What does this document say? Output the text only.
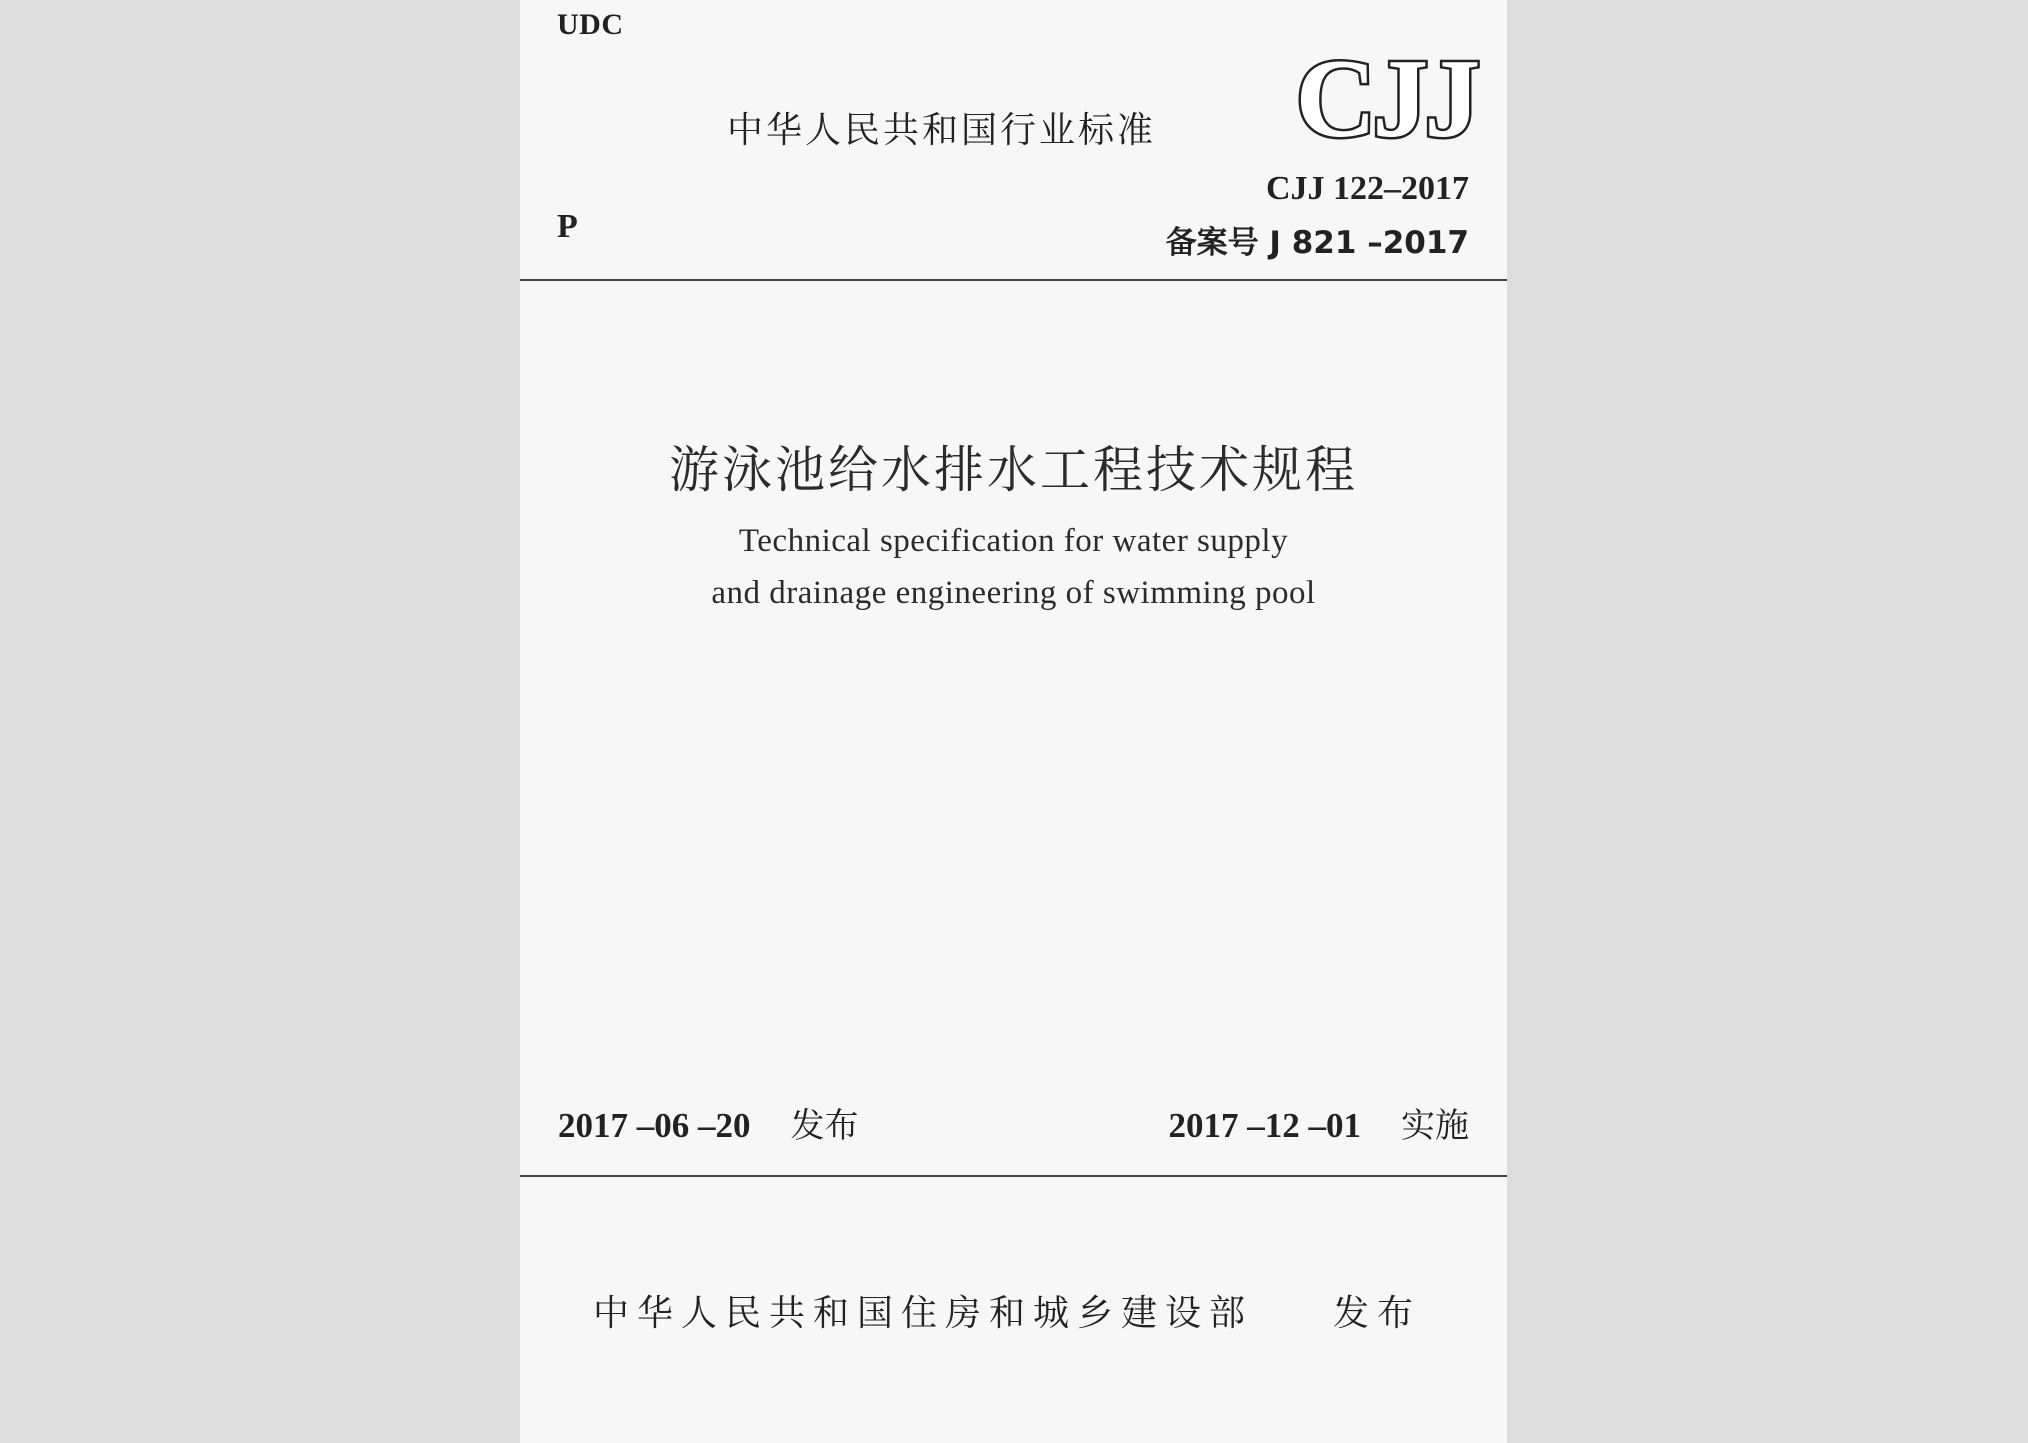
UDC
中华人民共和国行业标准 CJJ
CJJ 122–2017
P	备案号 J 821 –2017
游泳池给水排水工程技术规程
Technical specification for water supply
and drainage engineering of swimming pool
2017 –06 –20 发布	2017 –12 –01 实施
中华人民共和国住房和城乡建设部 发布
